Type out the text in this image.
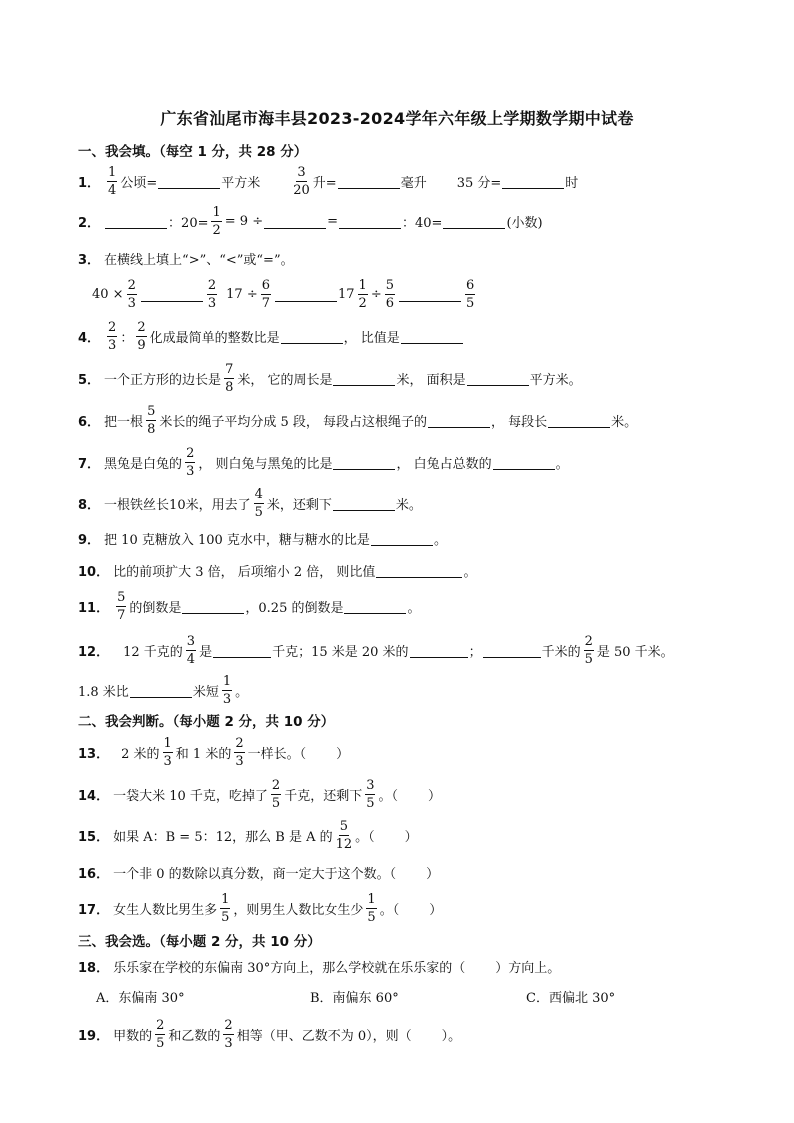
广东省汕尾市海丰县2023-2024学年六年级上学期数学期中试卷
一、我会填。（每空 1 分，共 28 分）
1． $\frac{1}{4}$ 公顷=	平方米	$\frac{3}{20}$ 升=	毫升 35 分=	时
2．	：$20= \frac{1}{2} = 9$ ÷	=	：40=	(小数)
3． 在横线上填上“>”、“<”或“=”。
$40 \times \frac{2}{3}$	$\frac{2}{3} 17 \div \frac{6}{7}$	$17 \frac{1}{2} \div \frac{5}{6}$	$\frac{6}{5}$
4． $\frac{2}{3}$ ： $\frac{2}{9}$ 化成最简单的整数比是	， 比值是
5． 一个正方形的边长是 $\frac{7}{8}$ 米， 它的周长是	米， 面积是	平方米。
6． 把一根 $\frac{5}{8}$ 米长的绳子平均分成 5 段， 每段占这根绳子的	， 每段长	米。
7． 黑兔是白兔的 $\frac{2}{3}$ ， 则白兔与黑兔的比是	， 白兔占总数的	。
8． 一根铁丝长10米，用去了 $\frac{4}{5}$ 米，还剩下	米。
9． 把 10 克糖放入 100 克水中，糖与糖水的比是	。
10． 比的前项扩大 3 倍， 后项缩小 2 倍， 则比值	。
11． $\frac{5}{7}$ 的倒数是	，0.25 的倒数是	。
12． 12 千克的 $\frac{3}{4}$ 是	千克；15 米是 20 米的	；	千米的 $\frac{2}{5}$ 是 50 千米。
1.8 米比	米短 $\frac{1}{3}$ 。
二、我会判断。（每小题 2 分，共 10 分）
13． 2 米的 $\frac{1}{3}$ 和 1 米的 $\frac{2}{3}$ 一样长。（ ）
14． 一袋大米 10 千克，吃掉了 $\frac{2}{5}$ 千克，还剩下 $\frac{3}{5}$ 。（ ）
15． 如果 A：B = 5：12，那么 B 是 A 的 $\frac{5}{12}$ 。（ ）
16． 一个非 0 的数除以真分数，商一定大于这个数。（ ）
17． 女生人数比男生多 $\frac{1}{5}$ ，则男生人数比女生少 $\frac{1}{5}$ 。（ ）
三、我会选。（每小题 2 分，共 10 分）
18． 乐乐家在学校的东偏南 30°方向上，那么学校就在乐乐家的（ ）方向上。
A．东偏南 30°	B．南偏东 60°	C．西偏北 30°
19． 甲数的 $\frac{2}{5}$ 和乙数的 $\frac{2}{3}$ 相等（甲、乙数不为 0），则（ ）。
